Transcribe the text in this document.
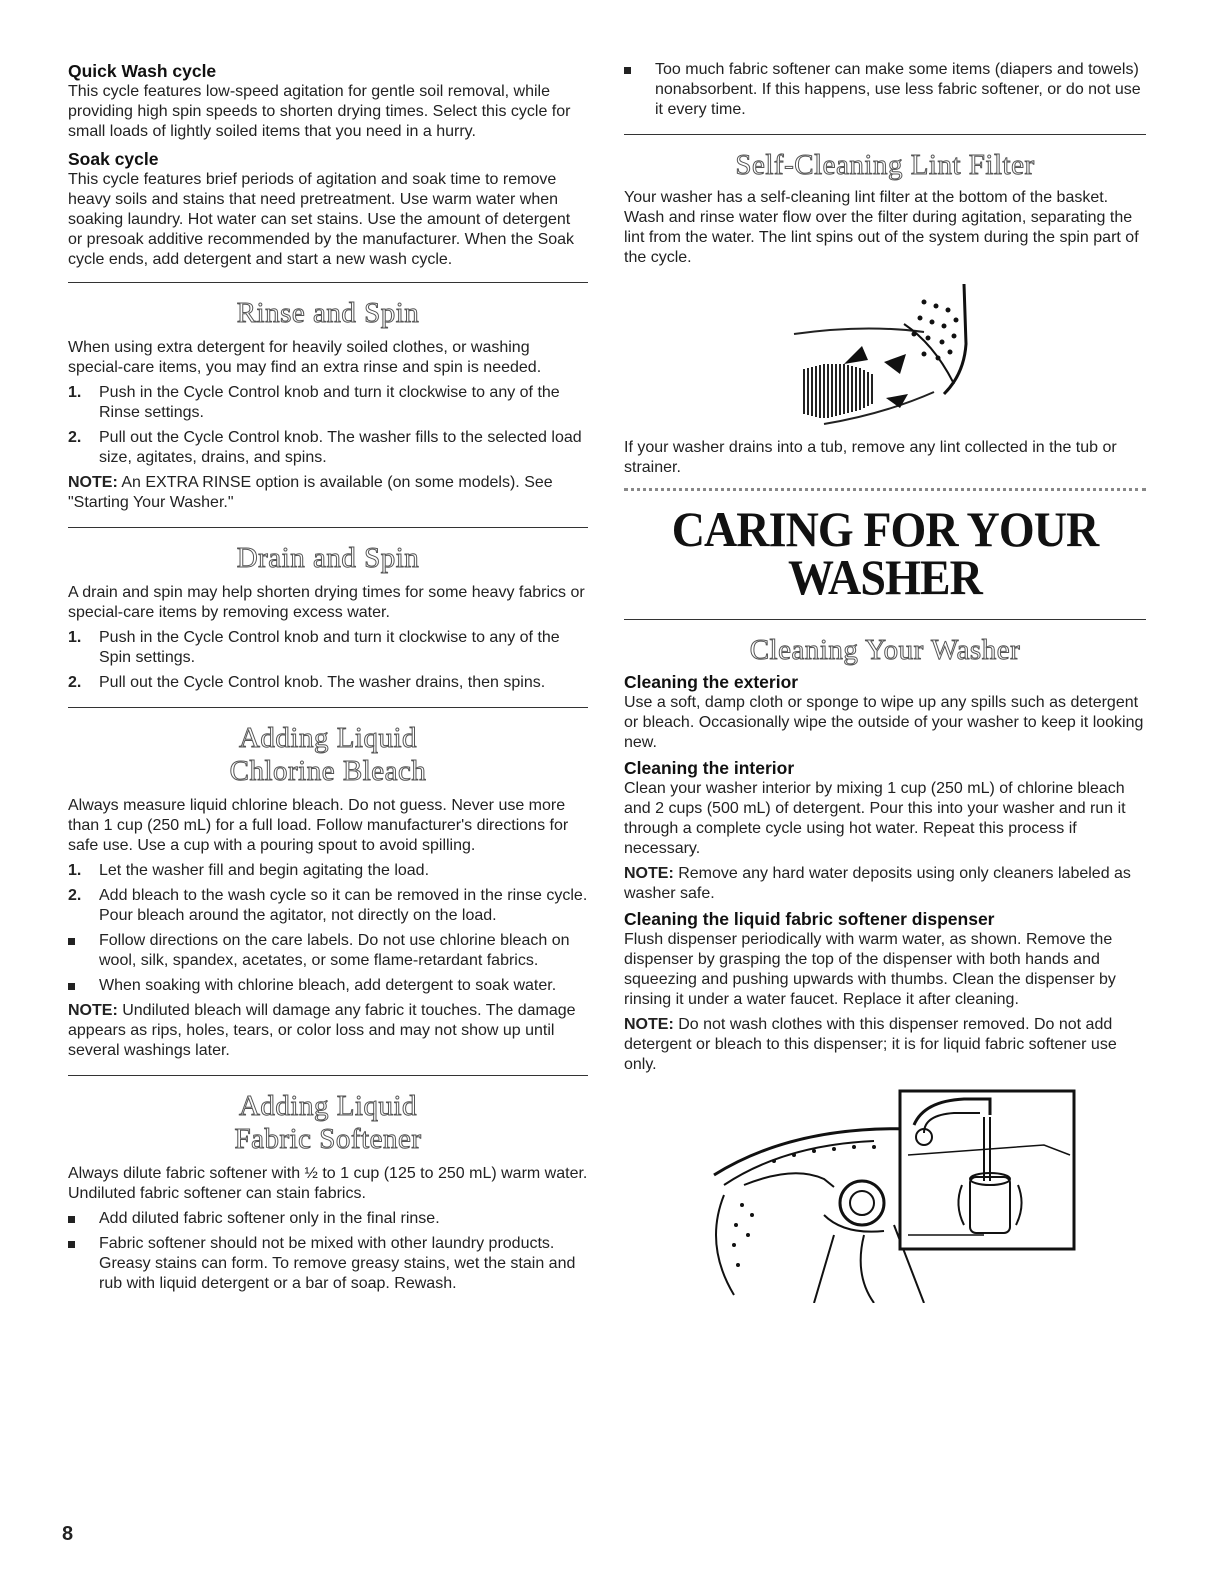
Quick Wash cycle

This cycle features low-speed agitation for gentle soil removal, while providing high spin speeds to shorten drying times. Select this cycle for small loads of lightly soiled items that you need in a hurry.

Soak cycle

This cycle features brief periods of agitation and soak time to remove heavy soils and stains that need pretreatment. Use warm water when soaking laundry. Hot water can set stains. Use the amount of detergent or presoak additive recommended by the manufacturer. When the Soak cycle ends, add detergent and start a new wash cycle.

Rinse and Spin

When using extra detergent for heavily soiled clothes, or washing special-care items, you may find an extra rinse and spin is needed.

1. Push in the Cycle Control knob and turn it clockwise to any of the Rinse settings.
2. Pull out the Cycle Control knob. The washer fills to the selected load size, agitates, drains, and spins.

NOTE: An EXTRA RINSE option is available (on some models). See "Starting Your Washer."

Drain and Spin

A drain and spin may help shorten drying times for some heavy fabrics or special-care items by removing excess water.

1. Push in the Cycle Control knob and turn it clockwise to any of the Spin settings.
2. Pull out the Cycle Control knob. The washer drains, then spins.
Adding Liquid
Chlorine Bleach

Always measure liquid chlorine bleach. Do not guess. Never use more than 1 cup (250 mL) for a full load. Follow manufacturer's directions for safe use. Use a cup with a pouring spout to avoid spilling.

1. Let the washer fill and begin agitating the load.
2. Add bleach to the wash cycle so it can be removed in the rinse cycle. Pour bleach around the agitator, not directly on the load.
Follow directions on the care labels. Do not use chlorine bleach on wool, silk, spandex, acetates, or some flame-retardant fabrics.
When soaking with chlorine bleach, add detergent to soak water.

NOTE: Undiluted bleach will damage any fabric it touches. The damage appears as rips, holes, tears, or color loss and may not show up until several washings later.

Adding Liquid
Fabric Softener

Always dilute fabric softener with ½ to 1 cup (125 to 250 mL) warm water. Undiluted fabric softener can stain fabrics.

Add diluted fabric softener only in the final rinse.
Fabric softener should not be mixed with other laundry products. Greasy stains can form. To remove greasy stains, wet the stain and rub with liquid detergent or a bar of soap. Rewash.
Too much fabric softener can make some items (diapers and towels) nonabsorbent. If this happens, use less fabric softener, or do not use it every time.
Self-Cleaning Lint Filter

Your washer has a self-cleaning lint filter at the bottom of the basket. Wash and rinse water flow over the filter during agitation, separating the lint from the water. The lint spins out of the system during the spin part of the cycle.

If your washer drains into a tub, remove any lint collected in the tub or strainer.

CARING FOR YOUR
WASHER
Cleaning Your Washer
Cleaning the exterior

Use a soft, damp cloth or sponge to wipe up any spills such as detergent or bleach. Occasionally wipe the outside of your washer to keep it looking new.

Cleaning the interior

Clean your washer interior by mixing 1 cup (250 mL) of chlorine bleach and 2 cups (500 mL) of detergent. Pour this into your washer and run it through a complete cycle using hot water. Repeat this process if necessary.

NOTE: Remove any hard water deposits using only cleaners labeled as washer safe.

Cleaning the liquid fabric softener dispenser

Flush dispenser periodically with warm water, as shown. Remove the dispenser by grasping the top of the dispenser with both hands and squeezing and pushing upwards with thumbs. Clean the dispenser by rinsing it under a water faucet. Replace it after cleaning.

NOTE: Do not wash clothes with this dispenser removed. Do not add detergent or bleach to this dispenser; it is for liquid fabric softener use only.

8
